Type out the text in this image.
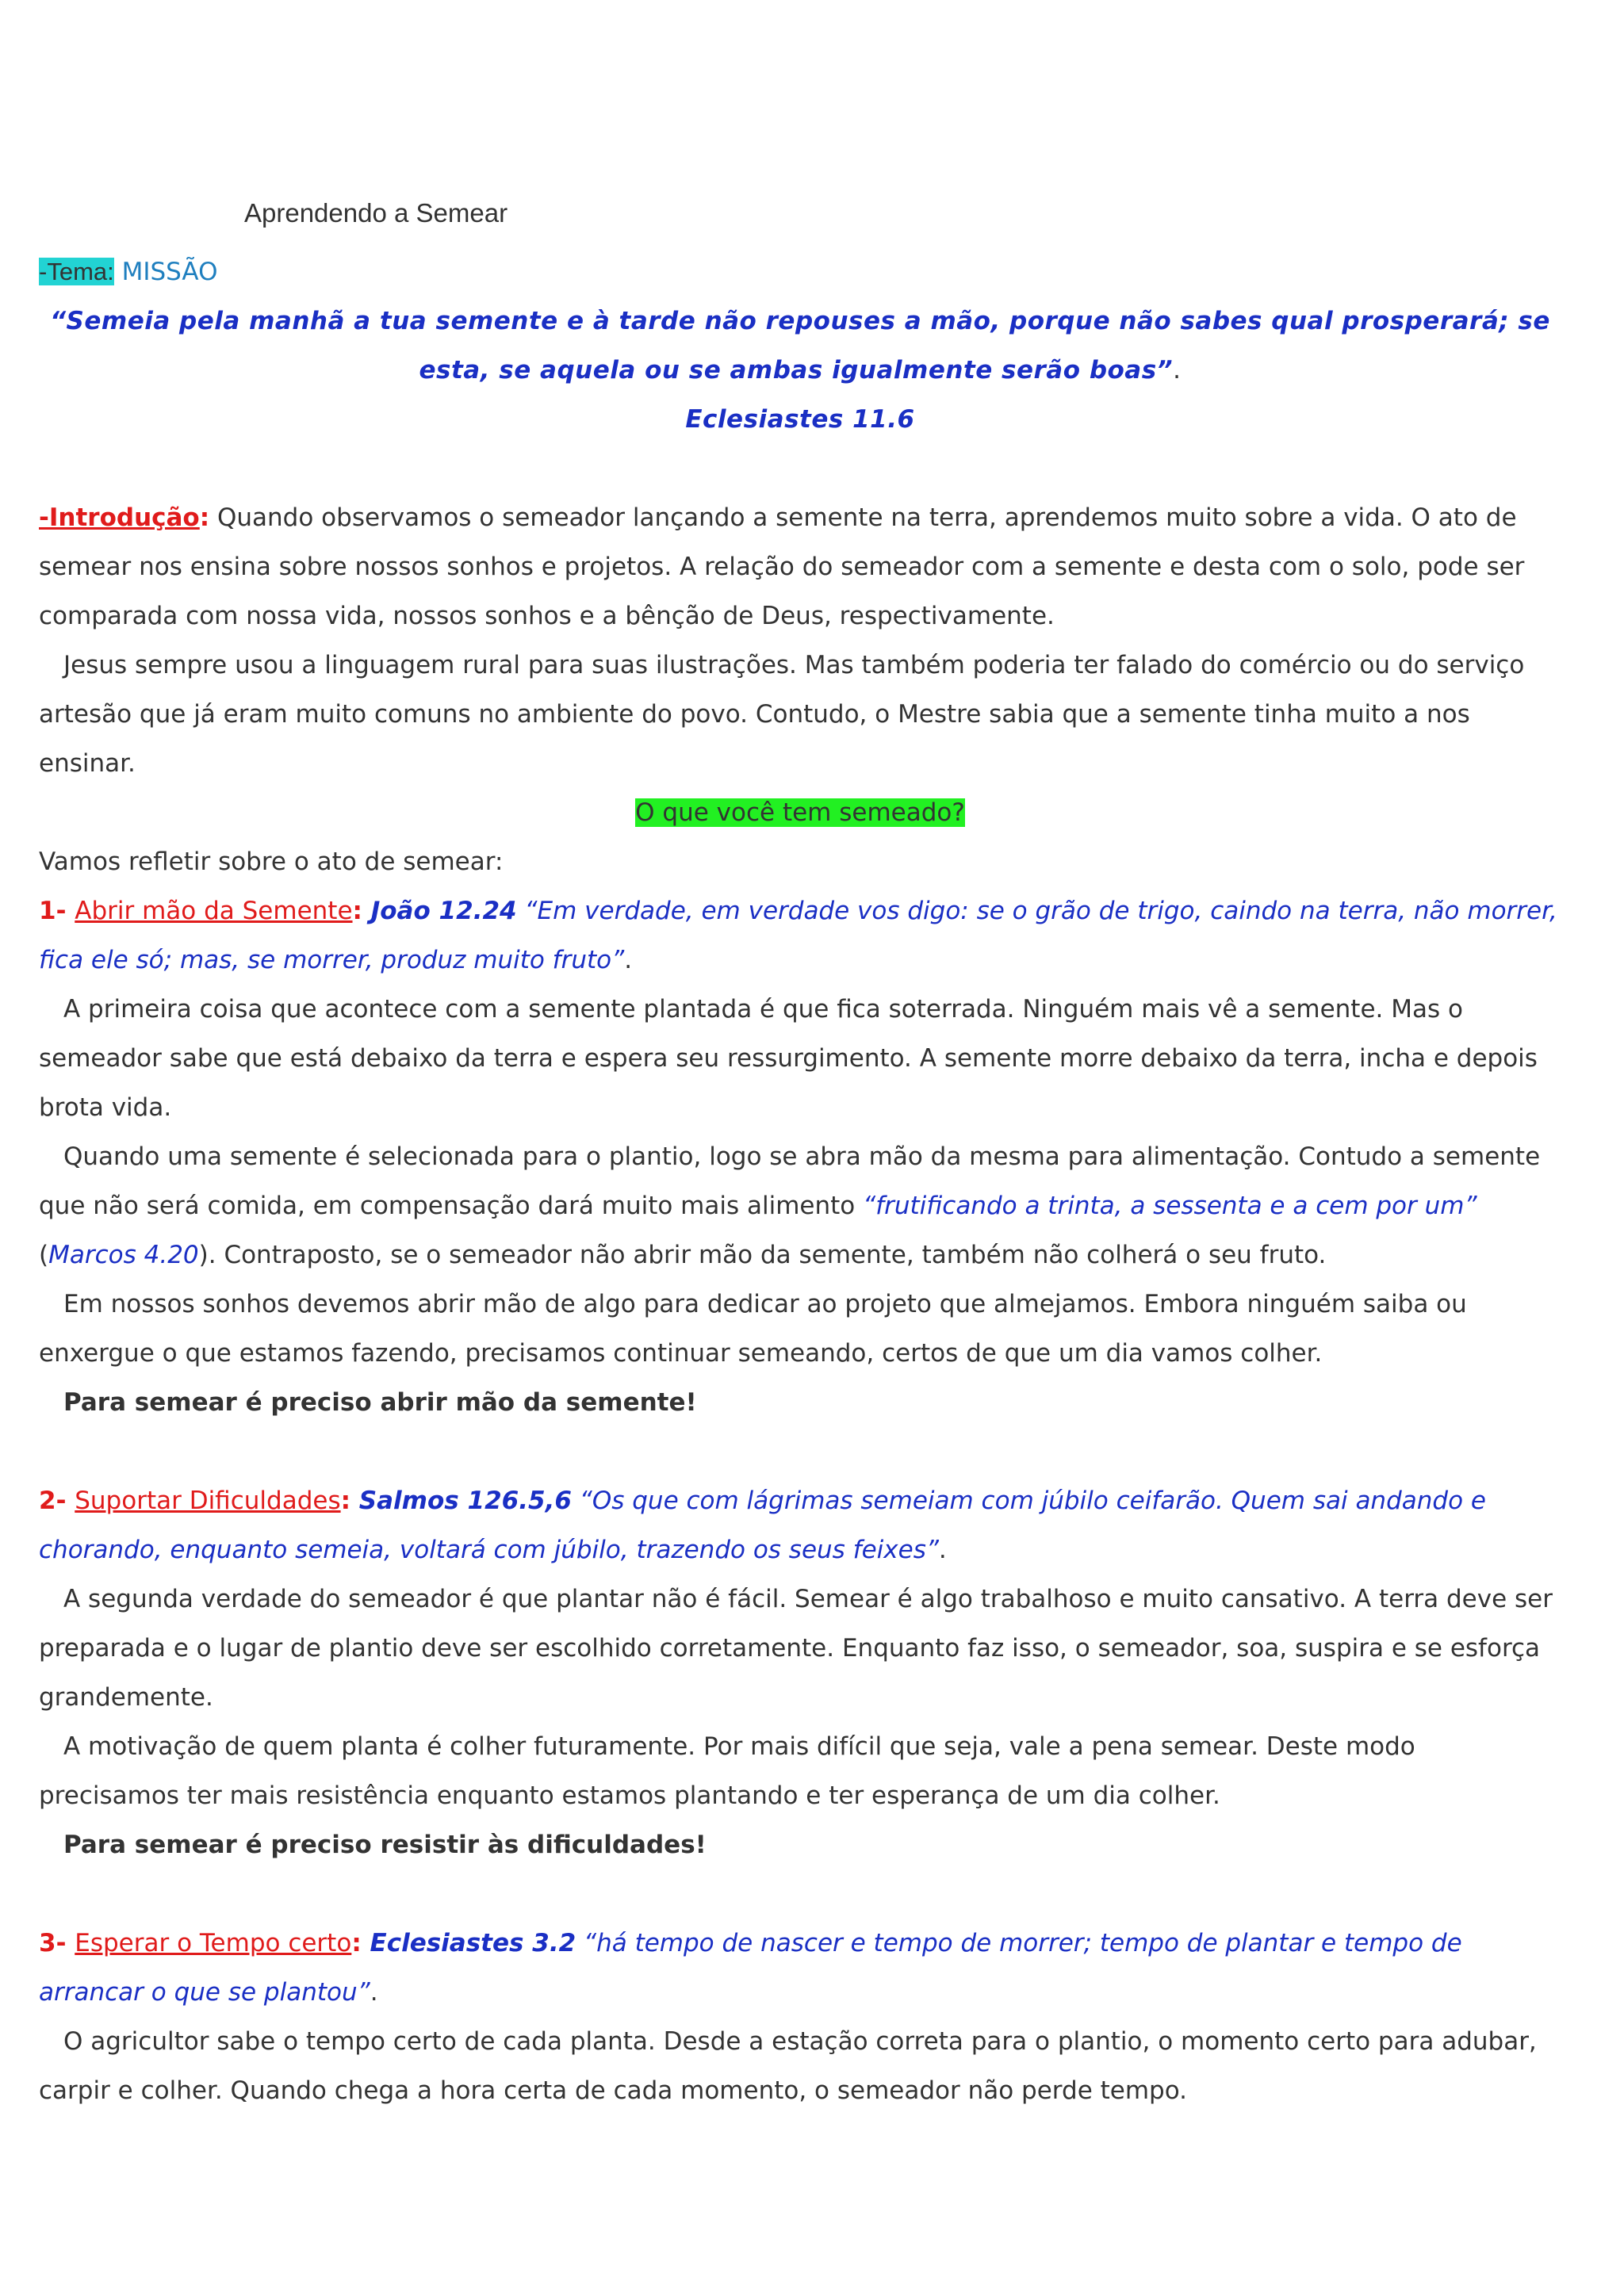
Aprendendo a Semear

-Tema: MISSÃO

“Semeia pela manhã a tua semente e à tarde não repouses a mão, porque não sabes qual prosperará; se esta, se aquela ou se ambas igualmente serão boas”.

Eclesiastes 11.6

-Introdução: Quando observamos o semeador lançando a semente na terra, aprendemos muito sobre a vida. O ato de semear nos ensina sobre nossos sonhos e projetos. A relação do semeador com a semente e desta com o solo, pode ser comparada com nossa vida, nossos sonhos e a bênção de Deus, respectivamente.

Jesus sempre usou a linguagem rural para suas ilustrações. Mas também poderia ter falado do comércio ou do serviço artesão que já eram muito comuns no ambiente do povo. Contudo, o Mestre sabia que a semente tinha muito a nos ensinar.

O que você tem semeado?

Vamos refletir sobre o ato de semear:

1- Abrir mão da Semente: João 12.24 “Em verdade, em verdade vos digo: se o grão de trigo, caindo na terra, não morrer, fica ele só; mas, se morrer, produz muito fruto”.

A primeira coisa que acontece com a semente plantada é que fica soterrada. Ninguém mais vê a semente. Mas o semeador sabe que está debaixo da terra e espera seu ressurgimento. A semente morre debaixo da terra, incha e depois brota vida.

Quando uma semente é selecionada para o plantio, logo se abra mão da mesma para alimentação. Contudo a semente que não será comida, em compensação dará muito mais alimento “frutificando a trinta, a sessenta e a cem por um” (Marcos 4.20). Contraposto, se o semeador não abrir mão da semente, também não colherá o seu fruto.

Em nossos sonhos devemos abrir mão de algo para dedicar ao projeto que almejamos. Embora ninguém saiba ou enxergue o que estamos fazendo, precisamos continuar semeando, certos de que um dia vamos colher.

Para semear é preciso abrir mão da semente!

2- Suportar Dificuldades: Salmos 126.5,6 “Os que com lágrimas semeiam com júbilo ceifarão. Quem sai andando e chorando, enquanto semeia, voltará com júbilo, trazendo os seus feixes”.

A segunda verdade do semeador é que plantar não é fácil. Semear é algo trabalhoso e muito cansativo. A terra deve ser preparada e o lugar de plantio deve ser escolhido corretamente. Enquanto faz isso, o semeador, soa, suspira e se esforça grandemente.

A motivação de quem planta é colher futuramente. Por mais difícil que seja, vale a pena semear. Deste modo precisamos ter mais resistência enquanto estamos plantando e ter esperança de um dia colher.

Para semear é preciso resistir às dificuldades!

3- Esperar o Tempo certo: Eclesiastes 3.2 “há tempo de nascer e tempo de morrer; tempo de plantar e tempo de arrancar o que se plantou”.

O agricultor sabe o tempo certo de cada planta. Desde a estação correta para o plantio, o momento certo para adubar, carpir e colher. Quando chega a hora certa de cada momento, o semeador não perde tempo.
